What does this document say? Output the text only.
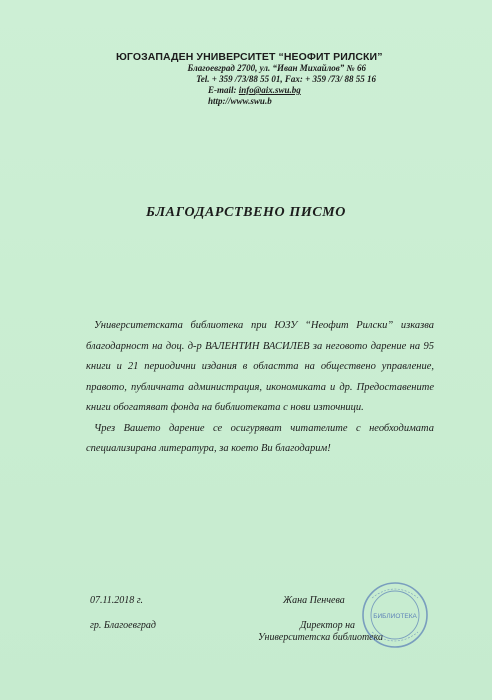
ЮГОЗАПАДЕН УНИВЕРСИТЕТ “НЕОФИТ РИЛСКИ”
Благоевград 2700, ул. “Иван Михайлов” № 66
Tel. + 359 /73/88 55 01, Fax: + 359 /73/ 88 55 16
E-mail: info@aix.swu.bg
http://www.swu.b
БЛАГОДАРСТВЕНО ПИСМО

Университетската библиотека при ЮЗУ “Неофит Рилски” изказва благодарност на доц. д-р ВАЛЕНТИН ВАСИЛЕВ за неговото дарение на 95 книги и 21 периодични издания в областта на обществено управление, правото, публичната администрация, икономиката и др. Предоставените книги обогатяват фонда на библиотеката с нови източници.

Чрез Вашето дарение се осигуряват читателите с необходимата специализирана литература, за което Ви благодарим!

07.11.2018 г.
гр. Благоевград
Жана Пенчева
Директор на
Университетска библиотека
БИБЛИОТЕКА
